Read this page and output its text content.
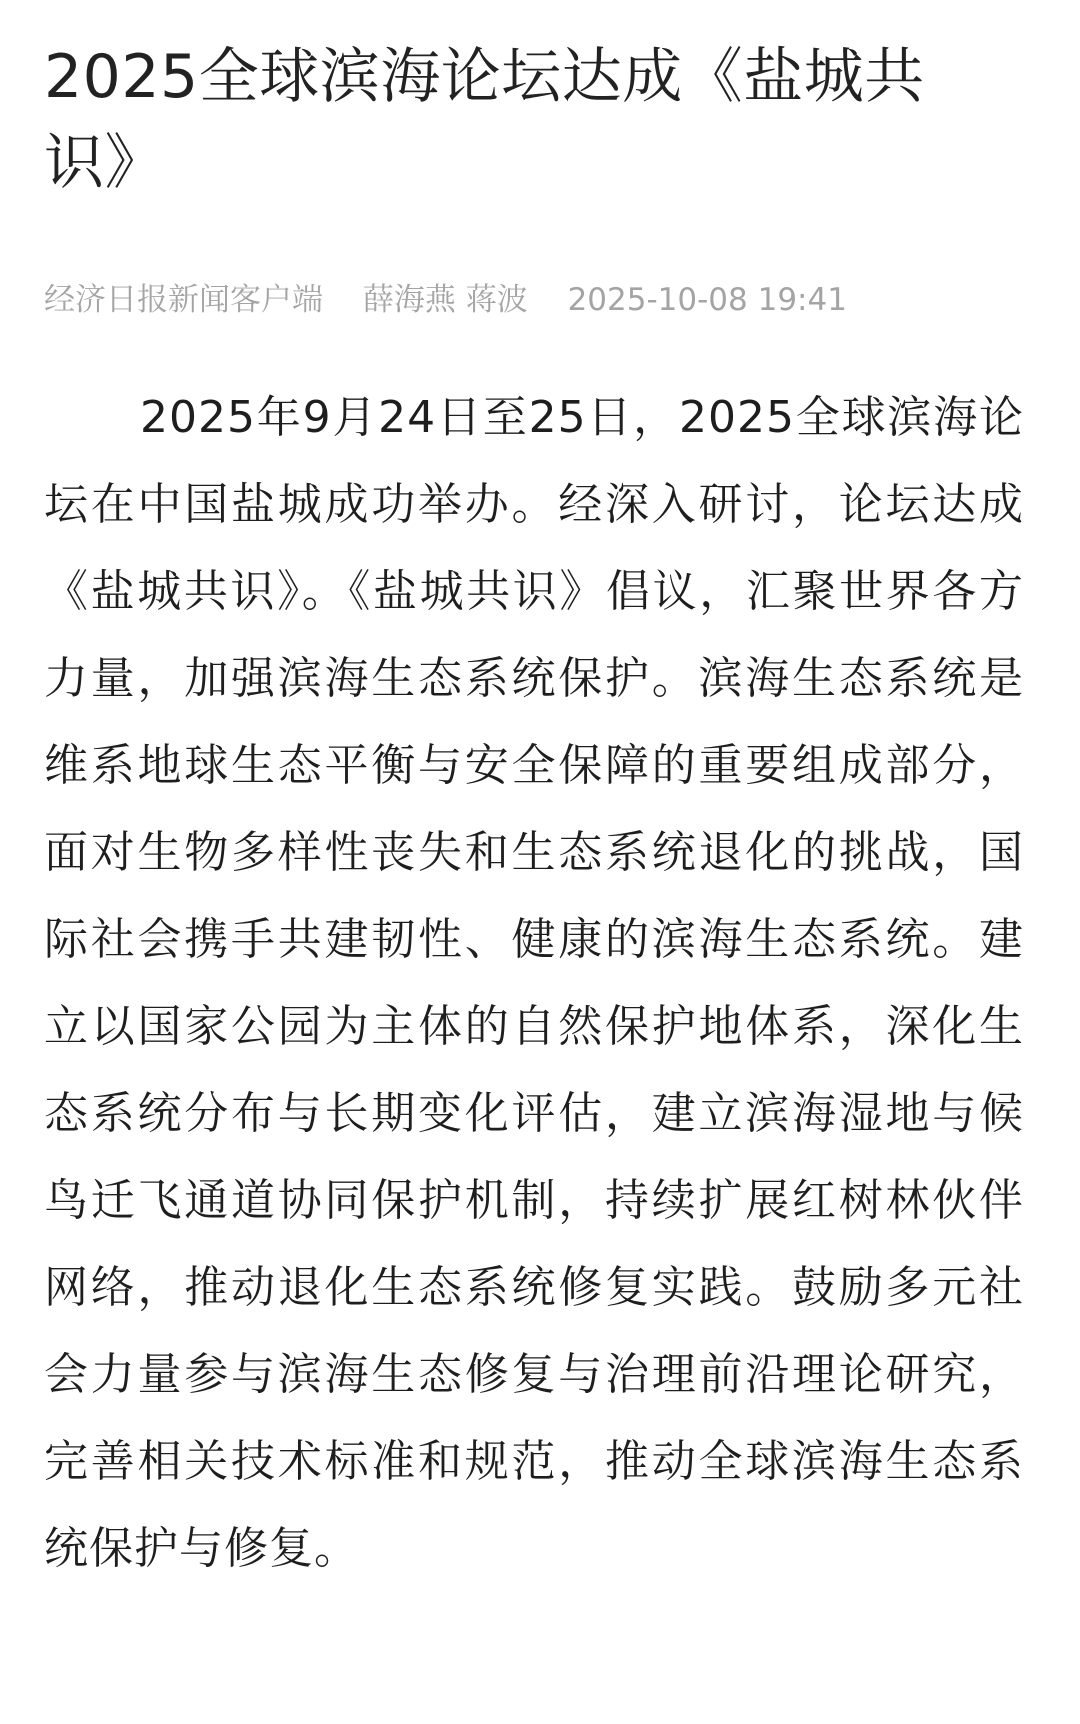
2025全球滨海论坛达成《盐城共识》
经济日报新闻客户端 薛海燕 蒋波 2025-10-08 19:41

2025年9月24日至25日，2025全球滨海论坛在中国盐城成功举办。经深入研讨，论坛达成《盐城共识》。《盐城共识》倡议，汇聚世界各方力量，加强滨海生态系统保护。滨海生态系统是维系地球生态平衡与安全保障的重要组成部分，面对生物多样性丧失和生态系统退化的挑战，国际社会携手共建韧性、健康的滨海生态系统。建立以国家公园为主体的自然保护地体系，深化生态系统分布与长期变化评估，建立滨海湿地与候鸟迁飞通道协同保护机制，持续扩展红树林伙伴网络，推动退化生态系统修复实践。鼓励多元社会力量参与滨海生态修复与治理前沿理论研究，完善相关技术标准和规范，推动全球滨海生态系统保护与修复。
